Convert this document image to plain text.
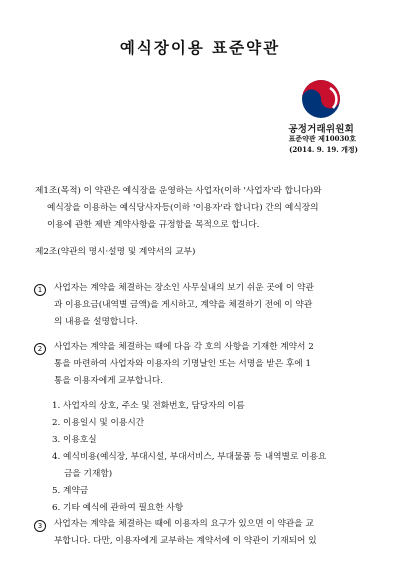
예식장이용 표준약관
공정거래위원회
표준약관 제10030호
(2014. 9. 19. 개정)
제1조(목적) 이 약관은 예식장을 운영하는 사업자(이하 '사업자'라 합니다)와
예식장을 이용하는 예식당사자등(이하 '이용자'라 합니다) 간의 예식장의
이용에 관한 제반 계약사항을 규정함을 목적으로 합니다.
제2조(약관의 명시·설명 및 계약서의 교부)
1	사업자는 계약을 체결하는 장소인 사무실내의 보기 쉬운 곳에 이 약관
과 이용요금(내역별 금액)을 게시하고, 계약을 체결하기 전에 이 약관
의 내용을 설명합니다.
2	사업자는 계약을 체결하는 때에 다음 각 호의 사항을 기재한 계약서 2
통을 마련하여 사업자와 이용자의 기명날인 또는 서명을 받은 후에 1
통을 이용자에게 교부합니다.
1. 사업자의 상호, 주소 및 전화번호, 담당자의 이름
2. 이용일시 및 이용시간
3. 이용호실
4. 예식비용(예식장, 부대시설, 부대서비스, 부대물품 등 내역별로 이용요
금을 기재함)
5. 계약금
6. 기타 예식에 관하여 필요한 사항
3	사업자는 계약을 체결하는 때에 이용자의 요구가 있으면 이 약관을 교
부합니다. 다만, 이용자에게 교부하는 계약서에 이 약관이 기재되어 있
